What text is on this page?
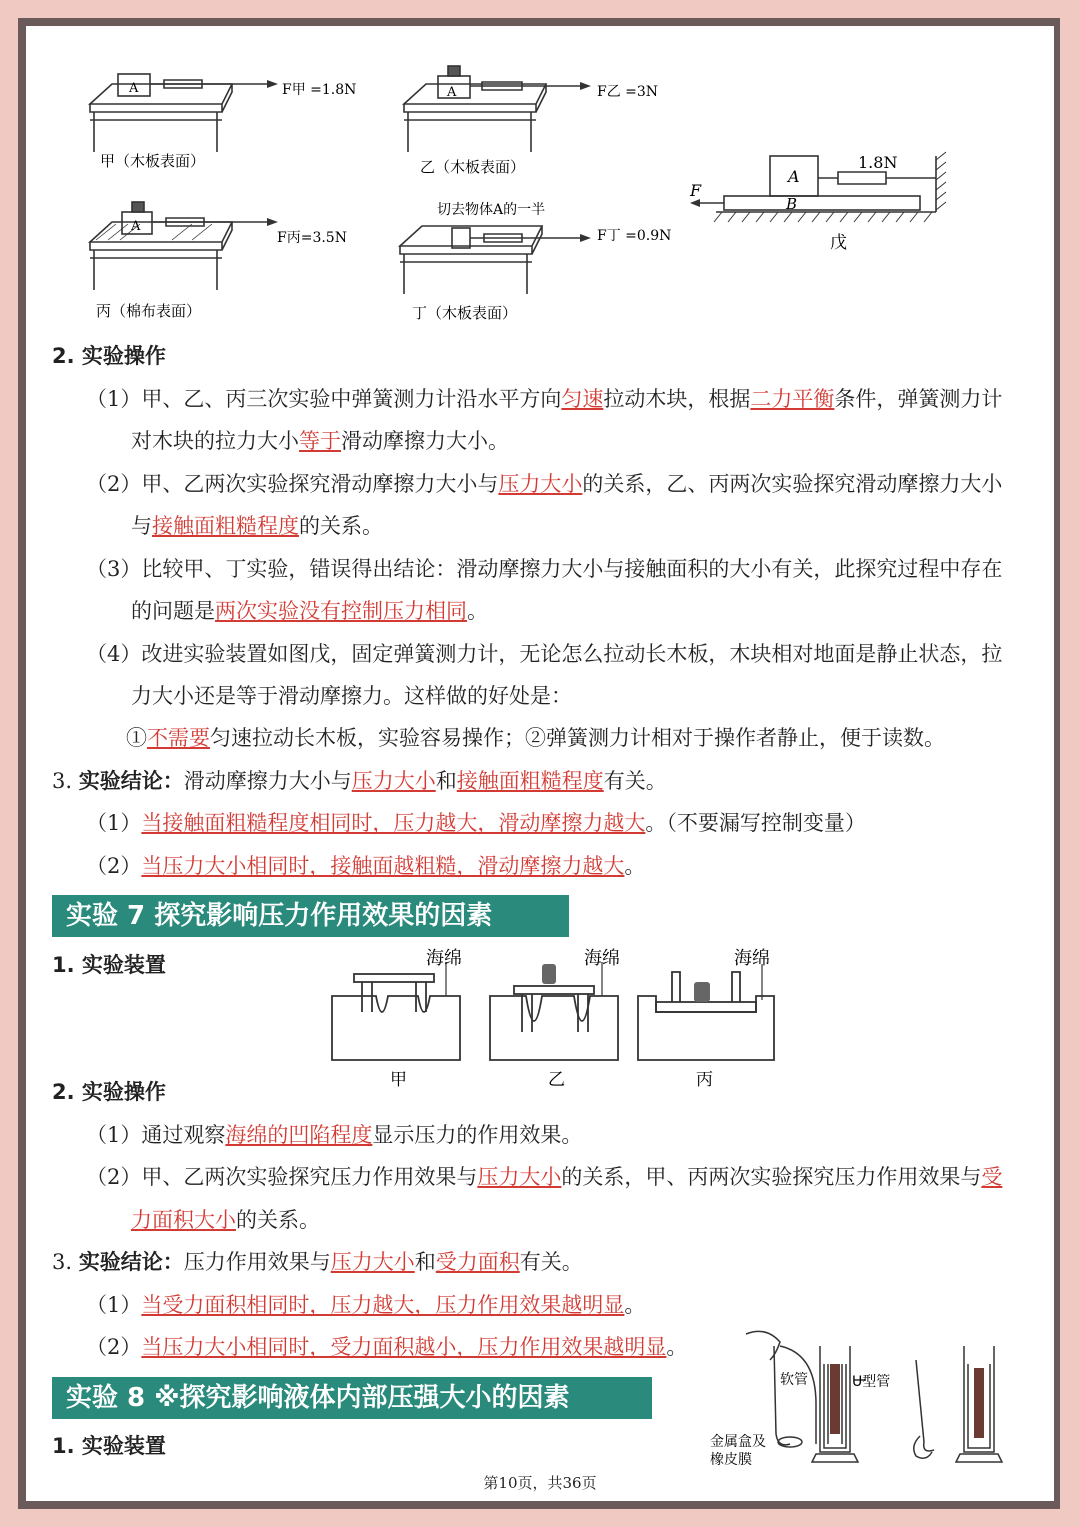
A	A
A
F甲 =1.8N	F乙 =3N
F丙=3.5N	F丁 =0.9N
切去物体A的一半
甲（木板表面）	乙（木板表面）
丙（棉布表面）	丁（木板表面）
A
B
F
1.8N
戊
2. 实验操作
（1）甲、乙、丙三次实验中弹簧测力计沿水平方向匀速拉动木块，根据二力平衡条件，弹簧测力计
对木块的拉力大小等于滑动摩擦力大小。
（2）甲、乙两次实验探究滑动摩擦力大小与压力大小的关系，乙、丙两次实验探究滑动摩擦力大小
与接触面粗糙程度的关系。
（3）比较甲、丁实验，错误得出结论：滑动摩擦力大小与接触面积的大小有关，此探究过程中存在
的问题是两次实验没有控制压力相同。
（4）改进实验装置如图戊，固定弹簧测力计，无论怎么拉动长木板，木块相对地面是静止状态，拉
力大小还是等于滑动摩擦力。这样做的好处是：
①不需要匀速拉动长木板，实验容易操作；②弹簧测力计相对于操作者静止，便于读数。
3. 实验结论：滑动摩擦力大小与压力大小和接触面粗糙程度有关。
（1）当接触面粗糙程度相同时，压力越大，滑动摩擦力越大。（不要漏写控制变量）
（2）当压力大小相同时，接触面越粗糙，滑动摩擦力越大。
实验 7 探究影响压力作用效果的因素
1. 实验装置	海绵	海绵	海绵
甲	乙	丙
2. 实验操作
（1）通过观察海绵的凹陷程度显示压力的作用效果。
（2）甲、乙两次实验探究压力作用效果与压力大小的关系，甲、丙两次实验探究压力作用效果与受
力面积大小的关系。
3. 实验结论：压力作用效果与压力大小和受力面积有关。
（1）当受力面积相同时，压力越大，压力作用效果越明显。
（2）当压力大小相同时，受力面积越小，压力作用效果越明显。
实验 8 ※探究影响液体内部压强大小的因素
1. 实验装置
软管	U型管
金属盒及
橡皮膜
第10页，共36页
